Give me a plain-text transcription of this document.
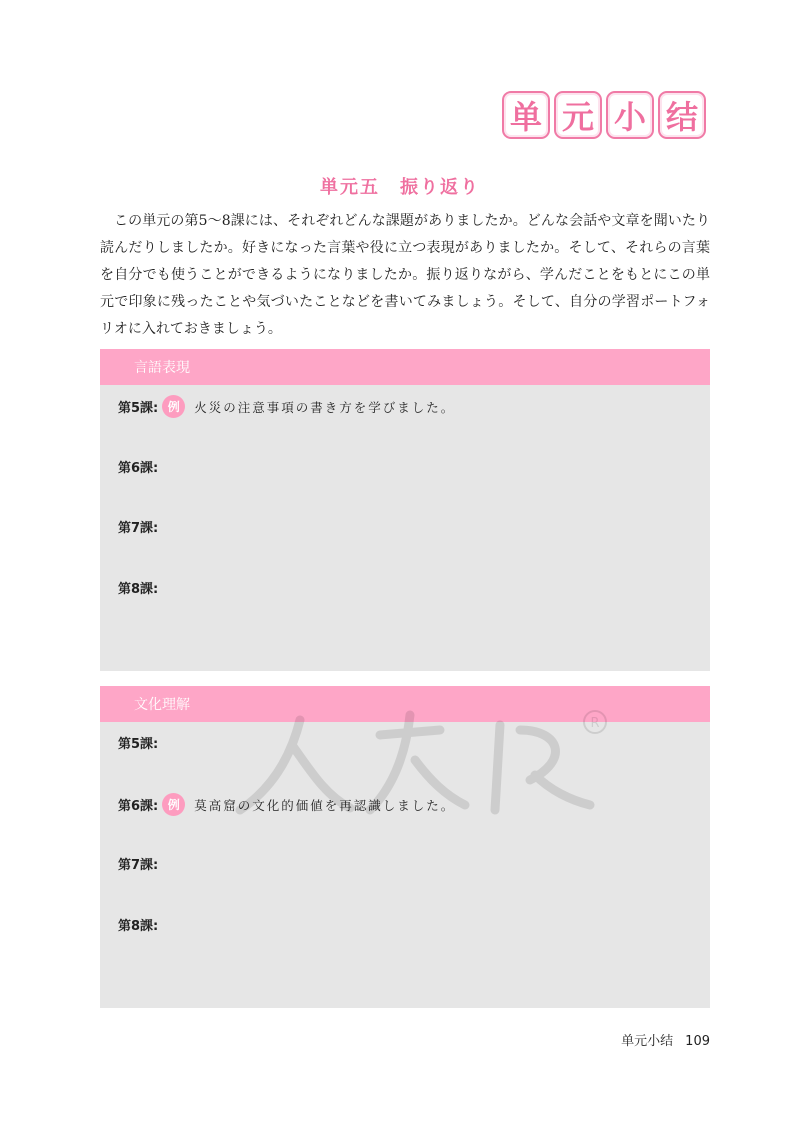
单 元 小 结
単元五　振り返り
この単元の第5～8課には、それぞれどんな課題がありましたか。どんな会話や文章を聞いたり読んだりしましたか。好きになった言葉や役に立つ表現がありましたか。そして、それらの言葉を自分でも使うことができるようになりましたか。振り返りながら、学んだことをもとにこの単元で印象に残ったことや気づいたことなどを書いてみましょう。そして、自分の学習ポートフォリオに入れておきましょう。
言語表現
第5課: 例	火災の注意事項の書き方を学びました。
第6課:
第7課:
第8課:
文化理解
第5課:
第6課: 例	莫高窟の文化的価値を再認識しました。
第7課:
第8課:
单元小结 109
